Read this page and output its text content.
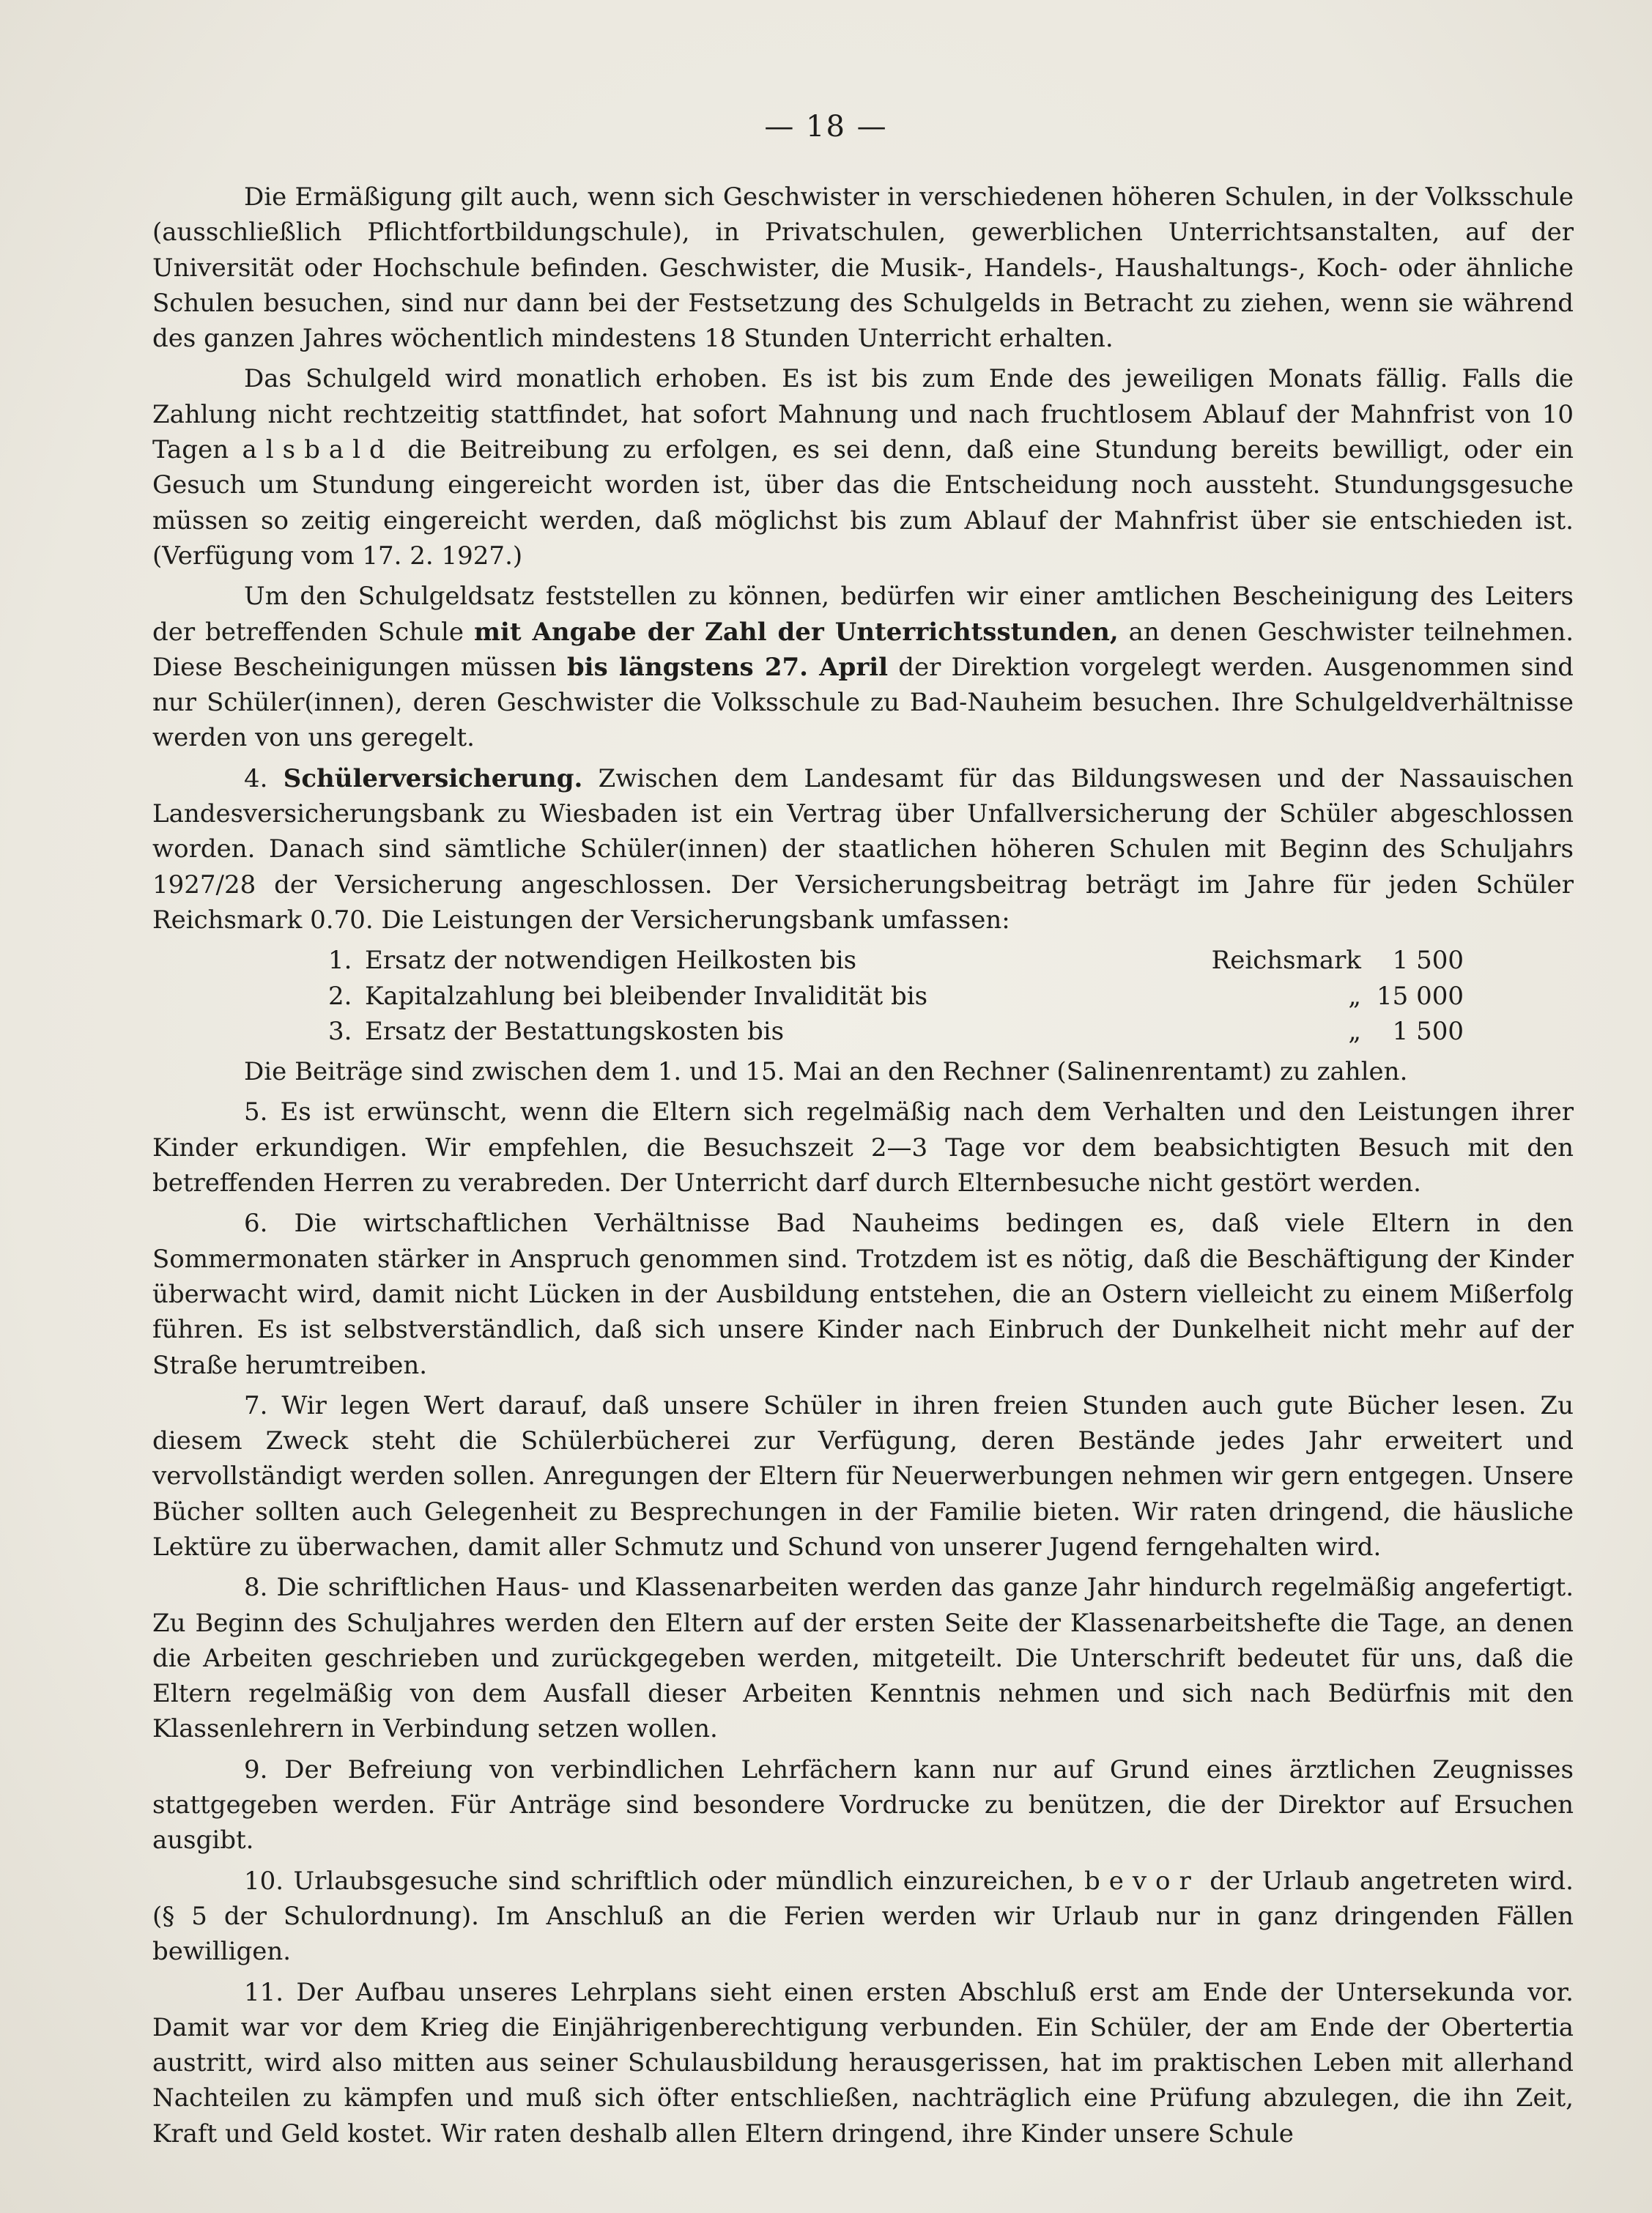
— 18 —

Die Ermäßigung gilt auch, wenn sich Geschwister in verschiedenen höheren Schulen, in der Volksschule (ausschließlich Pflichtfortbildungschule), in Privatschulen, gewerblichen Unterrichtsanstalten, auf der Universität oder Hochschule befinden. Geschwister, die Musik-, Handels-, Haushaltungs-, Koch- oder ähnliche Schulen besuchen, sind nur dann bei der Festsetzung des Schulgelds in Betracht zu ziehen, wenn sie während des ganzen Jahres wöchentlich mindestens 18 Stunden Unterricht erhalten.

Das Schulgeld wird monatlich erhoben. Es ist bis zum Ende des jeweiligen Monats fällig. Falls die Zahlung nicht rechtzeitig stattfindet, hat sofort Mahnung und nach fruchtlosem Ablauf der Mahnfrist von 10 Tagen alsbald die Beitreibung zu erfolgen, es sei denn, daß eine Stundung bereits bewilligt, oder ein Gesuch um Stundung eingereicht worden ist, über das die Entscheidung noch aussteht. Stundungsgesuche müssen so zeitig eingereicht werden, daß möglichst bis zum Ablauf der Mahnfrist über sie entschieden ist. (Verfügung vom 17. 2. 1927.)

Um den Schulgeldsatz feststellen zu können, bedürfen wir einer amtlichen Bescheinigung des Leiters der betreffenden Schule mit Angabe der Zahl der Unterrichtsstunden, an denen Geschwister teilnehmen. Diese Bescheinigungen müssen bis längstens 27. April der Direktion vorgelegt werden. Ausgenommen sind nur Schüler(innen), deren Geschwister die Volksschule zu Bad-Nauheim besuchen. Ihre Schulgeldverhältnisse werden von uns geregelt.

4. Schülerversicherung. Zwischen dem Landesamt für das Bildungswesen und der Nassauischen Landesversicherungsbank zu Wiesbaden ist ein Vertrag über Unfallversicherung der Schüler abgeschlossen worden. Danach sind sämtliche Schüler(innen) der staatlichen höheren Schulen mit Beginn des Schuljahrs 1927/28 der Versicherung angeschlossen. Der Versicherungsbeitrag beträgt im Jahre für jeden Schüler Reichsmark 0.70. Die Leistungen der Versicherungsbank umfassen:

1.	Ersatz der notwendigen Heilkosten bis	Reichsmark	1 500
2.	Kapitalzahlung bei bleibender Invalidität bis	„	15 000
3.	Ersatz der Bestattungskosten bis	„	1 500

Die Beiträge sind zwischen dem 1. und 15. Mai an den Rechner (Salinenrentamt) zu zahlen.

5. Es ist erwünscht, wenn die Eltern sich regelmäßig nach dem Verhalten und den Leistungen ihrer Kinder erkundigen. Wir empfehlen, die Besuchszeit 2—3 Tage vor dem beabsichtigten Besuch mit den betreffenden Herren zu verabreden. Der Unterricht darf durch Elternbesuche nicht gestört werden.

6. Die wirtschaftlichen Verhältnisse Bad Nauheims bedingen es, daß viele Eltern in den Sommermonaten stärker in Anspruch genommen sind. Trotzdem ist es nötig, daß die Beschäftigung der Kinder überwacht wird, damit nicht Lücken in der Ausbildung entstehen, die an Ostern vielleicht zu einem Mißerfolg führen. Es ist selbstverständlich, daß sich unsere Kinder nach Einbruch der Dunkelheit nicht mehr auf der Straße herumtreiben.

7. Wir legen Wert darauf, daß unsere Schüler in ihren freien Stunden auch gute Bücher lesen. Zu diesem Zweck steht die Schülerbücherei zur Verfügung, deren Bestände jedes Jahr erweitert und vervollständigt werden sollen. Anregungen der Eltern für Neuerwerbungen nehmen wir gern entgegen. Unsere Bücher sollten auch Gelegenheit zu Besprechungen in der Familie bieten. Wir raten dringend, die häusliche Lektüre zu überwachen, damit aller Schmutz und Schund von unserer Jugend ferngehalten wird.

8. Die schriftlichen Haus- und Klassenarbeiten werden das ganze Jahr hindurch regelmäßig angefertigt. Zu Beginn des Schuljahres werden den Eltern auf der ersten Seite der Klassenarbeitshefte die Tage, an denen die Arbeiten geschrieben und zurückgegeben werden, mitgeteilt. Die Unterschrift bedeutet für uns, daß die Eltern regelmäßig von dem Ausfall dieser Arbeiten Kenntnis nehmen und sich nach Bedürfnis mit den Klassenlehrern in Verbindung setzen wollen.

9. Der Befreiung von verbindlichen Lehrfächern kann nur auf Grund eines ärztlichen Zeugnisses stattgegeben werden. Für Anträge sind besondere Vordrucke zu benützen, die der Direktor auf Ersuchen ausgibt.

10. Urlaubsgesuche sind schriftlich oder mündlich einzureichen, bevor der Urlaub angetreten wird. (§ 5 der Schulordnung). Im Anschluß an die Ferien werden wir Urlaub nur in ganz dringenden Fällen bewilligen.

11. Der Aufbau unseres Lehrplans sieht einen ersten Abschluß erst am Ende der Untersekunda vor. Damit war vor dem Krieg die Einjährigenberechtigung verbunden. Ein Schüler, der am Ende der Obertertia austritt, wird also mitten aus seiner Schulausbildung herausgerissen, hat im praktischen Leben mit allerhand Nachteilen zu kämpfen und muß sich öfter entschließen, nachträglich eine Prüfung abzulegen, die ihn Zeit, Kraft und Geld kostet. Wir raten deshalb allen Eltern dringend, ihre Kinder unsere Schule
